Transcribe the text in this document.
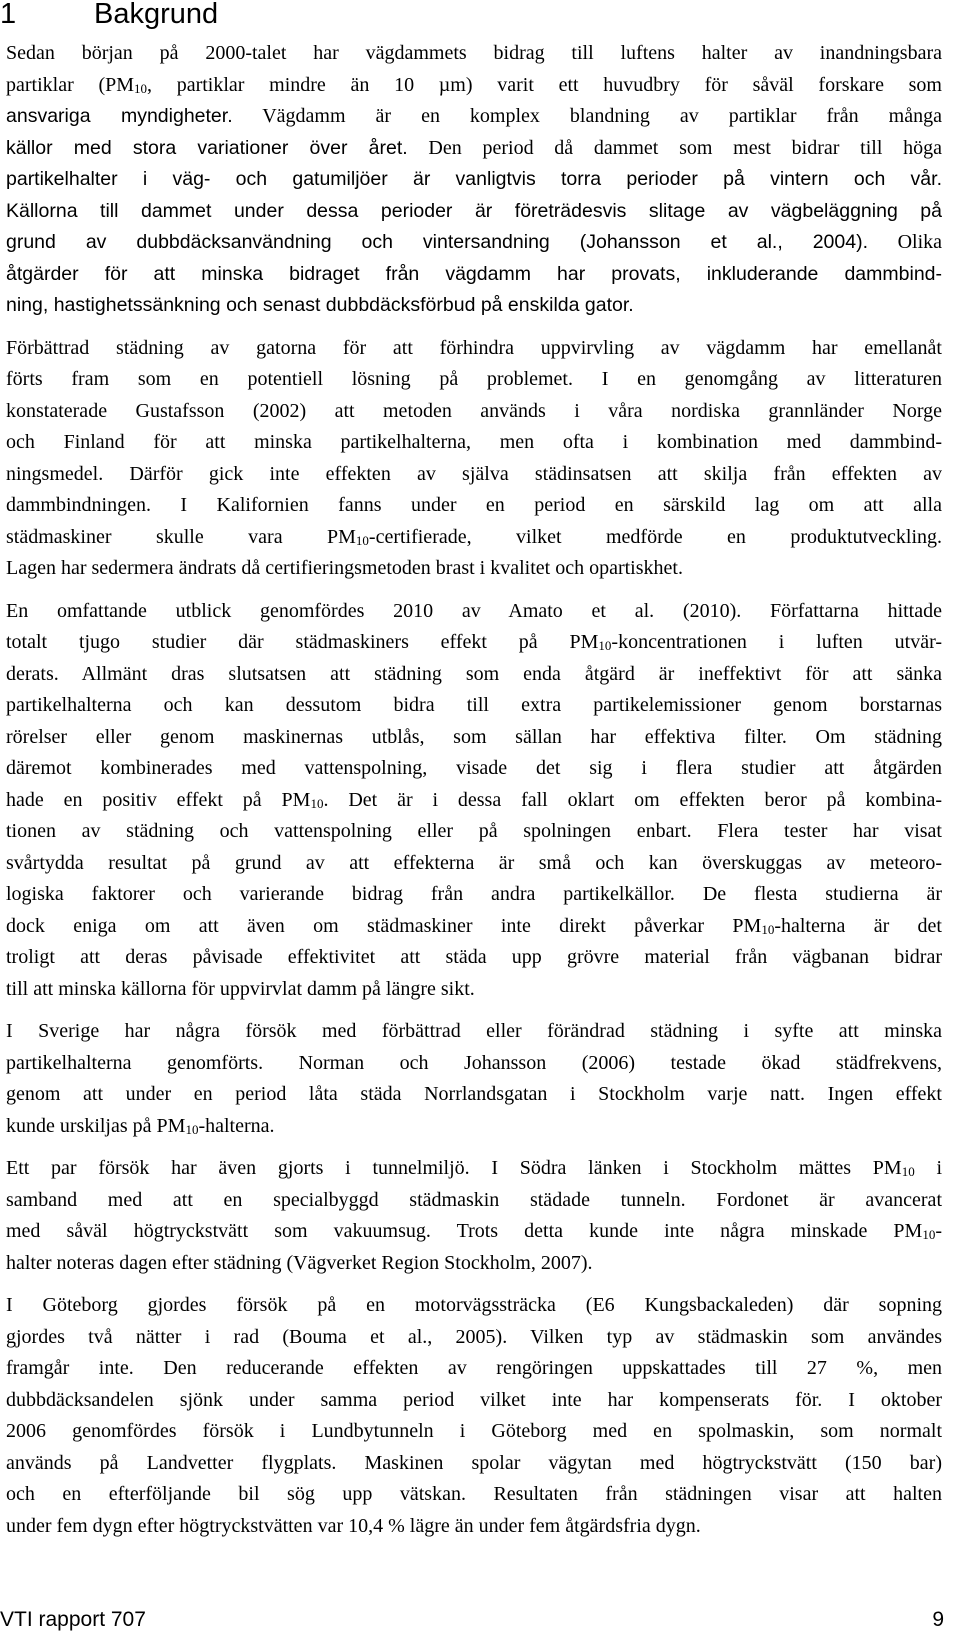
1	Bakgrund

Sedan början på 2000-talet har vägdammets bidrag till luftens halter av inandningsbara
partiklar ($PM_{10}$, partiklar mindre än 10 µm) varit ett huvudbry för såväl forskare som
ansvariga myndigheter. Vägdamm är en komplex blandning av partiklar från många
källor med stora variationer över året. Den period då dammet som mest bidrar till höga
partikelhalter i väg- och gatumiljöer är vanligtvis torra perioder på vintern och vår.
Källorna till dammet under dessa perioder är företrädesvis slitage av vägbeläggning på
grund av dubbdäcksanvändning och vintersandning (Johansson et al., 2004). Olika
åtgärder för att minska bidraget från vägdamm har provats, inkluderande dammbind-
ning, hastighetssänkning och senast dubbdäcksförbud på enskilda gator.

Förbättrad städning av gatorna för att förhindra uppvirvling av vägdamm har emellanåt
förts fram som en potentiell lösning på problemet. I en genomgång av litteraturen
konstaterade Gustafsson (2002) att metoden används i våra nordiska grannländer Norge
och Finland för att minska partikelhalterna, men ofta i kombination med dammbind-
ningsmedel. Därför gick inte effekten av själva städinsatsen att skilja från effekten av
dammbindningen. I Kalifornien fanns under en period en särskild lag om att alla
städmaskiner skulle vara $PM_{10}$-certifierade, vilket medförde en produktutveckling.
Lagen har sedermera ändrats då certifieringsmetoden brast i kvalitet och opartiskhet.

En omfattande utblick genomfördes 2010 av Amato et al. (2010). Författarna hittade
totalt tjugo studier där städmaskiners effekt på $PM_{10}$-koncentrationen i luften utvär-
derats. Allmänt dras slutsatsen att städning som enda åtgärd är ineffektivt för att sänka
partikelhalterna och kan dessutom bidra till extra partikelemissioner genom borstarnas
rörelser eller genom maskinernas utblås, som sällan har effektiva filter. Om städning
däremot kombinerades med vattenspolning, visade det sig i flera studier att åtgärden
hade en positiv effekt på $PM_{10}$. Det är i dessa fall oklart om effekten beror på kombina-
tionen av städning och vattenspolning eller på spolningen enbart. Flera tester har visat
svårtydda resultat på grund av att effekterna är små och kan överskuggas av meteoro-
logiska faktorer och varierande bidrag från andra partikelkällor. De flesta studierna är
dock eniga om att även om städmaskiner inte direkt påverkar $PM_{10}$-halterna är det
troligt att deras påvisade effektivitet att städa upp grövre material från vägbanan bidrar
till att minska källorna för uppvirvlat damm på längre sikt.

I Sverige har några försök med förbättrad eller förändrad städning i syfte att minska
partikelhalterna genomförts. Norman och Johansson (2006) testade ökad städfrekvens,
genom att under en period låta städa Norrlandsgatan i Stockholm varje natt. Ingen effekt
kunde urskiljas på $PM_{10}$-halterna.

Ett par försök har även gjorts i tunnelmiljö. I Södra länken i Stockholm mättes $PM_{10}$ i
samband med att en specialbyggd städmaskin städade tunneln. Fordonet är avancerat
med såväl högtryckstvätt som vakuumsug. Trots detta kunde inte några minskade $PM_{10}-$
halter noteras dagen efter städning (Vägverket Region Stockholm, 2007).

I Göteborg gjordes försök på en motorvägssträcka (E6 Kungsbackaleden) där sopning
gjordes två nätter i rad (Bouma et al., 2005). Vilken typ av städmaskin som användes
framgår inte. Den reducerande effekten av rengöringen uppskattades till 27 %, men
dubbdäcksandelen sjönk under samma period vilket inte har kompenserats för. I oktober
2006 genomfördes försök i Lundbytunneln i Göteborg med en spolmaskin, som normalt
används på Landvetter flygplats. Maskinen spolar vägytan med högtryckstvätt (150 bar)
och en efterföljande bil sög upp vätskan. Resultaten från städningen visar att halten
under fem dygn efter högtryckstvätten var 10,4 % lägre än under fem åtgärdsfria dygn.

VTI rapport 707	9
